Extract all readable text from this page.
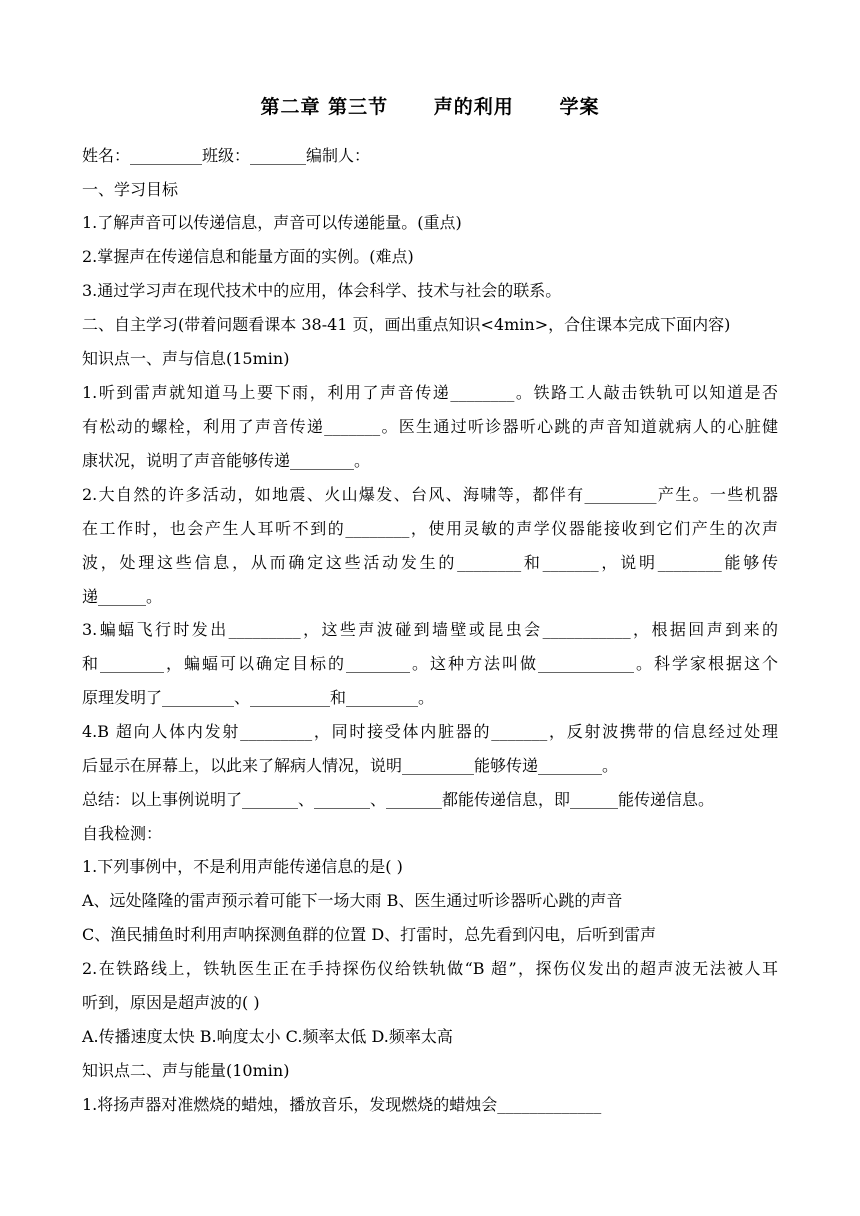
第二章 第三节      声的利用      学案
姓名：_________班级：_______编制人：
一、学习目标
1.了解声音可以传递信息，声音可以传递能量。(重点)
2.掌握声在传递信息和能量方面的实例。(难点)
3.通过学习声在现代技术中的应用，体会科学、技术与社会的联系。
二、自主学习(带着问题看课本 38-41 页，画出重点知识<4min>，合住课本完成下面内容)
知识点一、声与信息(15min)
1.听到雷声就知道马上要下雨，利用了声音传递________。铁路工人敲击铁轨可以知道是否
有松动的螺栓，利用了声音传递_______。医生通过听诊器听心跳的声音知道就病人的心脏健
康状况，说明了声音能够传递________。
2.大自然的许多活动，如地震、火山爆发、台风、海啸等，都伴有_________产生。一些机器
在工作时，也会产生人耳听不到的________，使用灵敏的声学仪器能接收到它们产生的次声
波，处理这些信息，从而确定这些活动发生的________和_______，说明________能够传
递______。
3.蝙蝠飞行时发出_________，这些声波碰到墙壁或昆虫会___________，根据回声到来的
和________，蝙蝠可以确定目标的________。这种方法叫做____________。科学家根据这个
原理发明了_________、__________和_________。
4.B 超向人体内发射_________，同时接受体内脏器的_______，反射波携带的信息经过处理
后显示在屏幕上，以此来了解病人情况，说明_________能够传递________。
总结：以上事例说明了_______、_______、_______都能传递信息，即______能传递信息。
自我检测：
1.下列事例中，不是利用声能传递信息的是( )
A、远处隆隆的雷声预示着可能下一场大雨 B、医生通过听诊器听心跳的声音
C、渔民捕鱼时利用声呐探测鱼群的位置 D、打雷时，总先看到闪电，后听到雷声
2.在铁路线上，铁轨医生正在手持探伤仪给铁轨做“B 超”，探伤仪发出的超声波无法被人耳
听到，原因是超声波的( )
A.传播速度太快 B.响度太小 C.频率太低 D.频率太高
知识点二、声与能量(10min)
1.将扬声器对准燃烧的蜡烛，播放音乐，发现燃烧的蜡烛会_____________
